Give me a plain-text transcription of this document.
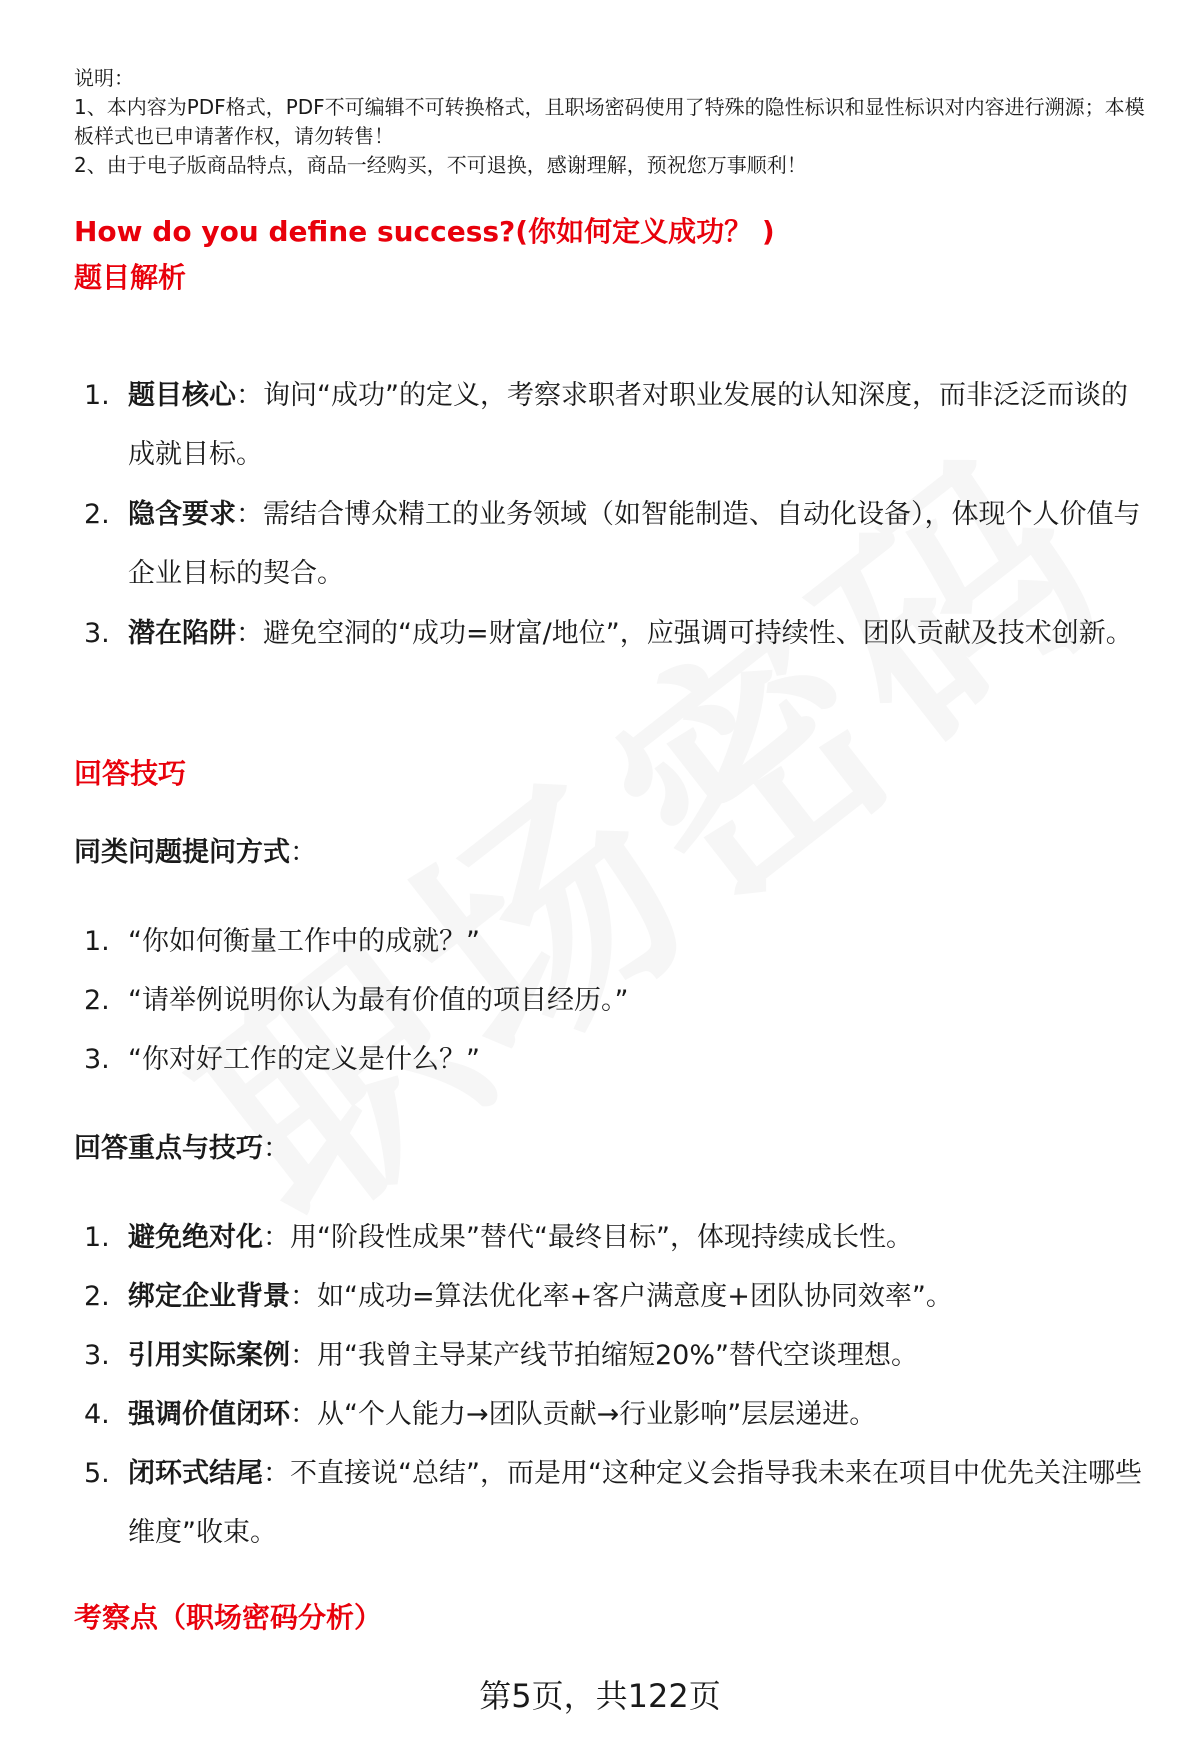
说明：

1、本内容为PDF格式，PDF不可编辑不可转换格式，且职场密码使用了特殊的隐性标识和显性标识对内容进行溯源；本模板样式也已申请著作权，请勿转售！

2、由于电子版商品特点，商品一经购买，不可退换，感谢理解，预祝您万事顺利！

How do you define success?(你如何定义成功？ )
题目解析
1. 题目核心：询问“成功”的定义，考察求职者对职业发展的认知深度，而非泛泛而谈的成就目标。
2. 隐含要求：需结合博众精工的业务领域（如智能制造、自动化设备），体现个人价值与企业目标的契合。
3. 潜在陷阱：避免空洞的“成功=财富/地位”，应强调可持续性、团队贡献及技术创新。
回答技巧
同类问题提问方式：
1. “你如何衡量工作中的成就？”
2. “请举例说明你认为最有价值的项目经历。”
3. “你对好工作的定义是什么？”
回答重点与技巧：
1. 避免绝对化：用“阶段性成果”替代“最终目标”，体现持续成长性。
2. 绑定企业背景：如“成功=算法优化率+客户满意度+团队协同效率”。
3. 引用实际案例：用“我曾主导某产线节拍缩短20%”替代空谈理想。
4. 强调价值闭环：从“个人能力→团队贡献→行业影响”层层递进。
5. 闭环式结尾：不直接说“总结”，而是用“这种定义会指导我未来在项目中优先关注哪些维度”收束。
考察点（职场密码分析）
第5页，共122页
